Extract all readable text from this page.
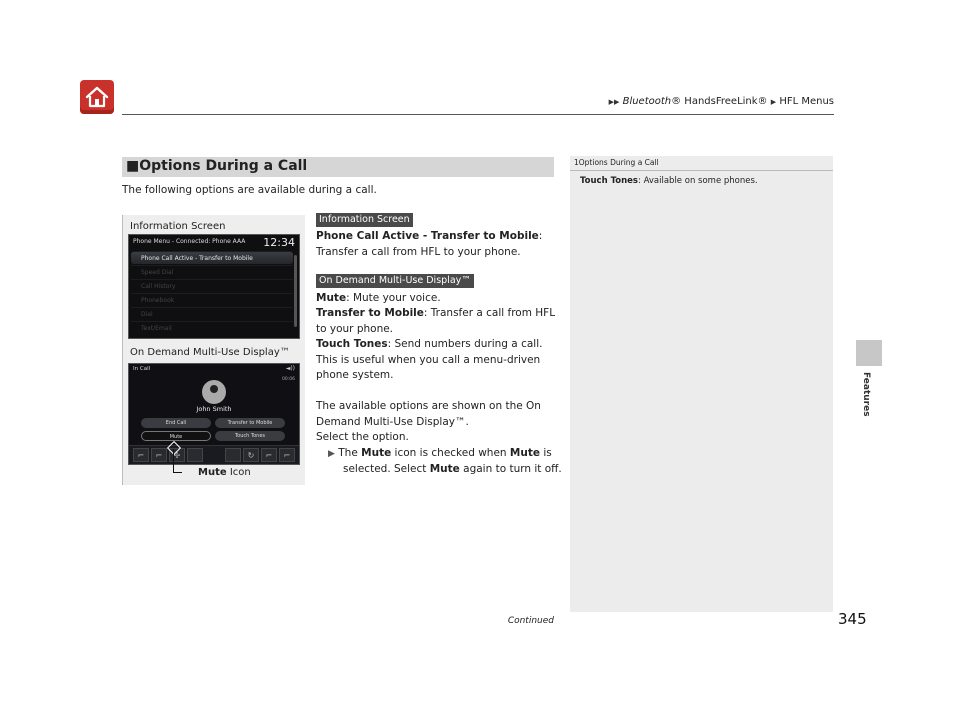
▶▶ Bluetooth® HandsFreeLink® ▶ HFL Menus
■Options During a Call
The following options are available during a call.
Information Screen
Phone Menu - Connected: Phone AAA 12:34
Phone Call Active - Transfer to Mobile
Speed Dial
Call History
Phonebook
Dial
Text/Email
On Demand Multi-Use Display™
In Call	◄))
00:06
John Smith
End Call	Transfer to Mobile
Mute	Touch Tones
⌐	⌐	✢	↻	⌐	⌐
Mute Icon
Information Screen
Phone Call Active - Transfer to Mobile:
Transfer a call from HFL to your phone.
On Demand Multi-Use Display™
Mute: Mute your voice.
Transfer to Mobile: Transfer a call from HFL
to your phone.
Touch Tones: Send numbers during a call.
This is useful when you call a menu-driven
phone system.
The available options are shown on the On
Demand Multi-Use Display™.
Select the option.
▶ The Mute icon is checked when Mute is
selected. Select Mute again to turn it off.
1Options During a Call
Touch Tones: Available on some phones.
Features
Continued	345
